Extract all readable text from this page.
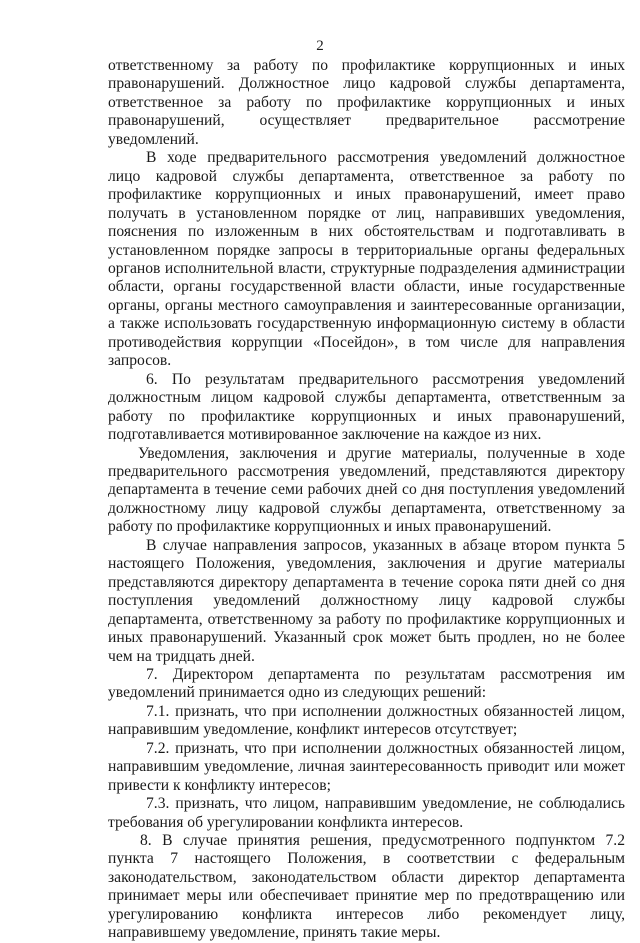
2

ответственному за работу по профилактике коррупционных и иных правонарушений. Должностное лицо кадровой службы департамента, ответственное за работу по профилактике коррупционных и иных правонарушений, осуществляет предварительное рассмотрение уведомлений.

В ходе предварительного рассмотрения уведомлений должностное лицо кадровой службы департамента, ответственное за работу по профилактике коррупционных и иных правонарушений, имеет право получать в установленном порядке от лиц, направивших уведомления, пояснения по изложенным в них обстоятельствам и подготавливать в установленном порядке запросы в территориальные органы федеральных органов исполнительной власти, структурные подразделения администрации области, органы государственной власти области, иные государственные органы, органы местного самоуправления и заинтересованные организации, а также использовать государственную информационную систему в области противодействия коррупции «Посейдон», в том числе для направления запросов.

6. По результатам предварительного рассмотрения уведомлений должностным лицом кадровой службы департамента, ответственным за работу по профилактике коррупционных и иных правонарушений, подготавливается мотивированное заключение на каждое из них.

Уведомления, заключения и другие материалы, полученные в ходе предварительного рассмотрения уведомлений, представляются директору департамента в течение семи рабочих дней со дня поступления уведомлений должностному лицу кадровой службы департамента, ответственному за работу по профилактике коррупционных и иных правонарушений.

В случае направления запросов, указанных в абзаце втором пункта 5 настоящего Положения, уведомления, заключения и другие материалы представляются директору департамента в течение сорока пяти дней со дня поступления уведомлений должностному лицу кадровой службы департамента, ответственному за работу по профилактике коррупционных и иных правонарушений. Указанный срок может быть продлен, но не более чем на тридцать дней.

7. Директором департамента по результатам рассмотрения им уведомлений принимается одно из следующих решений:

7.1. признать, что при исполнении должностных обязанностей лицом, направившим уведомление, конфликт интересов отсутствует;

7.2. признать, что при исполнении должностных обязанностей лицом, направившим уведомление, личная заинтересованность приводит или может привести к конфликту интересов;

7.3. признать, что лицом, направившим уведомление, не соблюдались требования об урегулировании конфликта интересов.

8. В случае принятия решения, предусмотренного подпунктом 7.2 пункта 7 настоящего Положения, в соответствии с федеральным законодательством, законодательством области директор департамента принимает меры или обеспечивает принятие мер по предотвращению или урегулированию конфликта интересов либо рекомендует лицу, направившему уведомление, принять такие меры.
